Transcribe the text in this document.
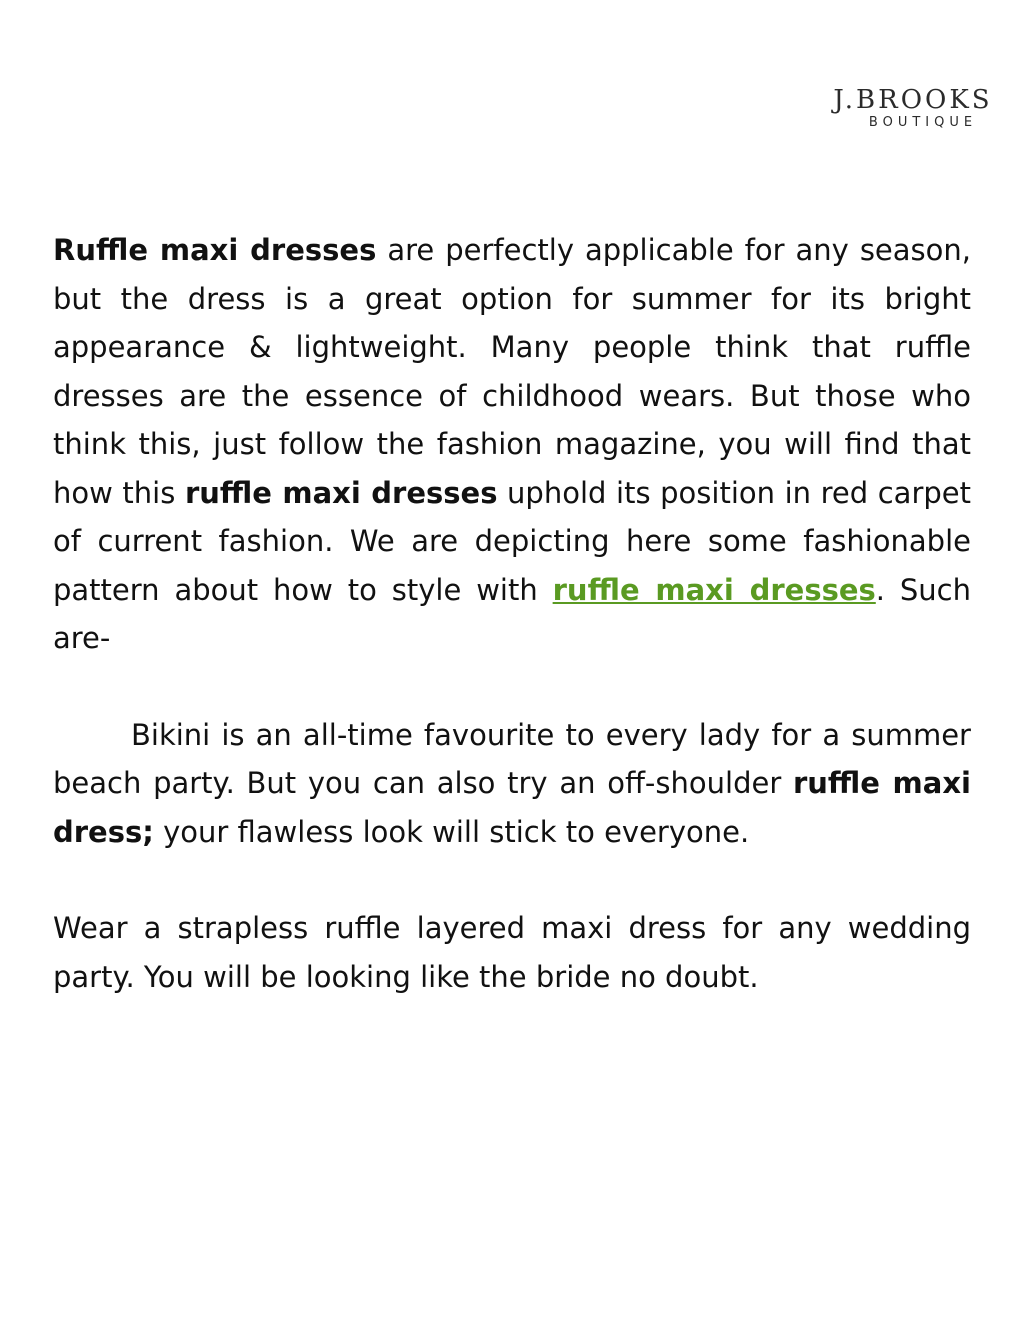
J.BROOKS
BOUTIQUE

Ruffle maxi dresses are perfectly applicable for any season, but the dress is a great option for summer for its bright appearance & lightweight. Many people think that ruffle dresses are the essence of childhood wears. But those who think this, just follow the fashion magazine, you will find that how this ruffle maxi dresses uphold its position in red carpet of current fashion. We are depicting here some fashionable pattern about how to style with ruffle maxi dresses. Such are-

Bikini is an all-time favourite to every lady for a summer beach party. But you can also try an off-shoulder ruffle maxi dress; your flawless look will stick to everyone.

Wear a strapless ruffle layered maxi dress for any wedding party. You will be looking like the bride no doubt.
